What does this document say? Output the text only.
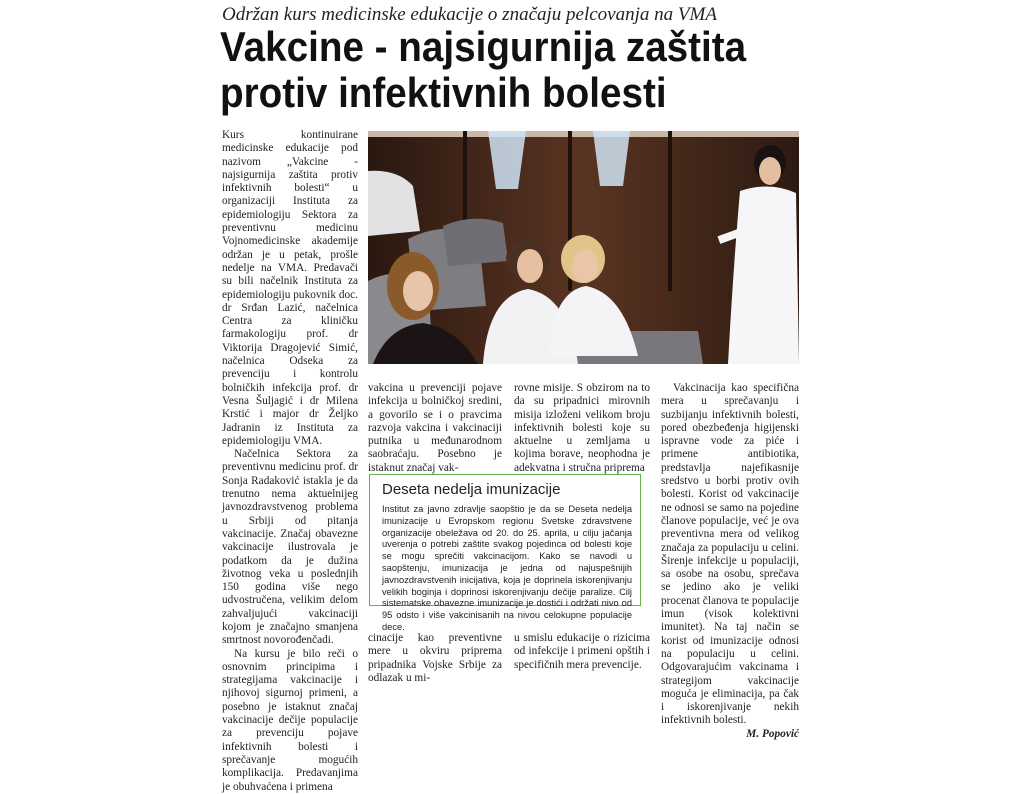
Održan kurs medicinske edukacije o značaju pelcovanja na VMA
Vakcine - najsigurnija zaštita
protiv infektivnih bolesti

Kurs kontinuirane medicinske edukacije pod nazivom „Vakcine - najsigurnija zaštita protiv infektivnih bolesti“ u organizaciji Instituta za epidemiologiju Sektora za preventivnu medicinu Vojnomedicinske akademije održan je u petak, prošle nedelje na VMA. Predavači su bili načelnik Instituta za epidemiologiju pukovnik doc. dr Srđan Lazić, načelnica Centra za kliničku farmakologiju prof. dr Viktorija Dragojević Simić, načelnica Odseka za prevenciju i kontrolu bolničkih infekcija prof. dr Vesna Šuljagić i dr Milena Krstić i major dr Željko Jadranin iz Instituta za epidemiologiju VMA.

Načelnica Sektora za preventivnu medicinu prof. dr Sonja Radaković istakla je da trenutno nema aktuelnijeg javnozdravstvenog problema u Srbiji od pitanja vakcinacije. Značaj obavezne vakcinacije ilustrovala je podatkom da je dužina životnog veka u poslednjih 150 godina više nego udvostručena, velikim delom zahvaljujući vakcinaciji kojom je značajno smanjena smrtnost novorođenčadi.

Na kursu je bilo reči o osnovnim principima i strategijama vakcinacije i njihovoj sigurnoj primeni, a posebno je istaknut značaj vakcinacije dečije populacije za prevenciju pojave infektivnih bolesti i sprečavanje mogućih komplikacija. Predavanjima je obuhvaćena i primena

vakcina u prevenciji pojave infekcija u bolničkoj sredini, a govorilo se i o pravcima razvoja vakcina i vakcinaciji putnika u međunarodnom saobraćaju. Posebno je istaknut značaj vak-

rovne misije. S obzirom na to da su pripadnici mirovnih misija izloženi velikom broju infektivnih bolesti koje su aktuelne u zemljama u kojima borave, neophodna je adekvatna i stručna priprema

Deseta nedelja imunizacije

Institut za javno zdravlje saopštio je da se Deseta nedelja imunizacije u Evropskom regionu Svetske zdravstvene organizacije obeležava od 20. do 25. aprila, u cilju jačanja uverenja o potrebi zaštite svakog pojedinca od bolesti koje se mogu sprečiti vakcinacijom. Kako se navodi u saopštenju, imunizacija je jedna od najuspešnijih javnozdravstvenih inicijativa, koja je doprinela iskorenjivanju velikih boginja i doprinosi iskorenjivanju dečije paralize. Cilj sistematske obavezne imunizacije je dostići i održati nivo od 95 odsto i više vakcinisanih na nivou celokupne populacije dece.

cinacije kao preventivne mere u okviru pripremа pripadnika Vojske Srbije za odlazak u mi-

u smislu edukacije o rizicima od infekcije i primeni opštih i specifičnih mera prevencije.

Vakcinacija kao specifična mera u sprečavanju i suzbijanju infektivnih bolesti, pored obezbeđenja higijenski ispravne vode za piće i primene antibiotika, predstavlja najefikasnije sredstvo u borbi protiv ovih bolesti. Korist od vakcinacije ne odnosi se samo na pojedine članove populacije, već je ova preventivna mera od velikog značaja za populaciju u celini. Širenje infekcije u populaciji, sa osobe na osobu, sprečava se jedino ako je veliki procenat članova te populacije imun (visok kolektivni imunitet). Na taj način se korist od imunizacije odnosi na populaciju u celini. Odgovarajućim vakcinama i strategijom vakcinacije moguća je eliminacija, pa čak i iskorenjivanje nekih infektivnih bolesti.

M. Popović
